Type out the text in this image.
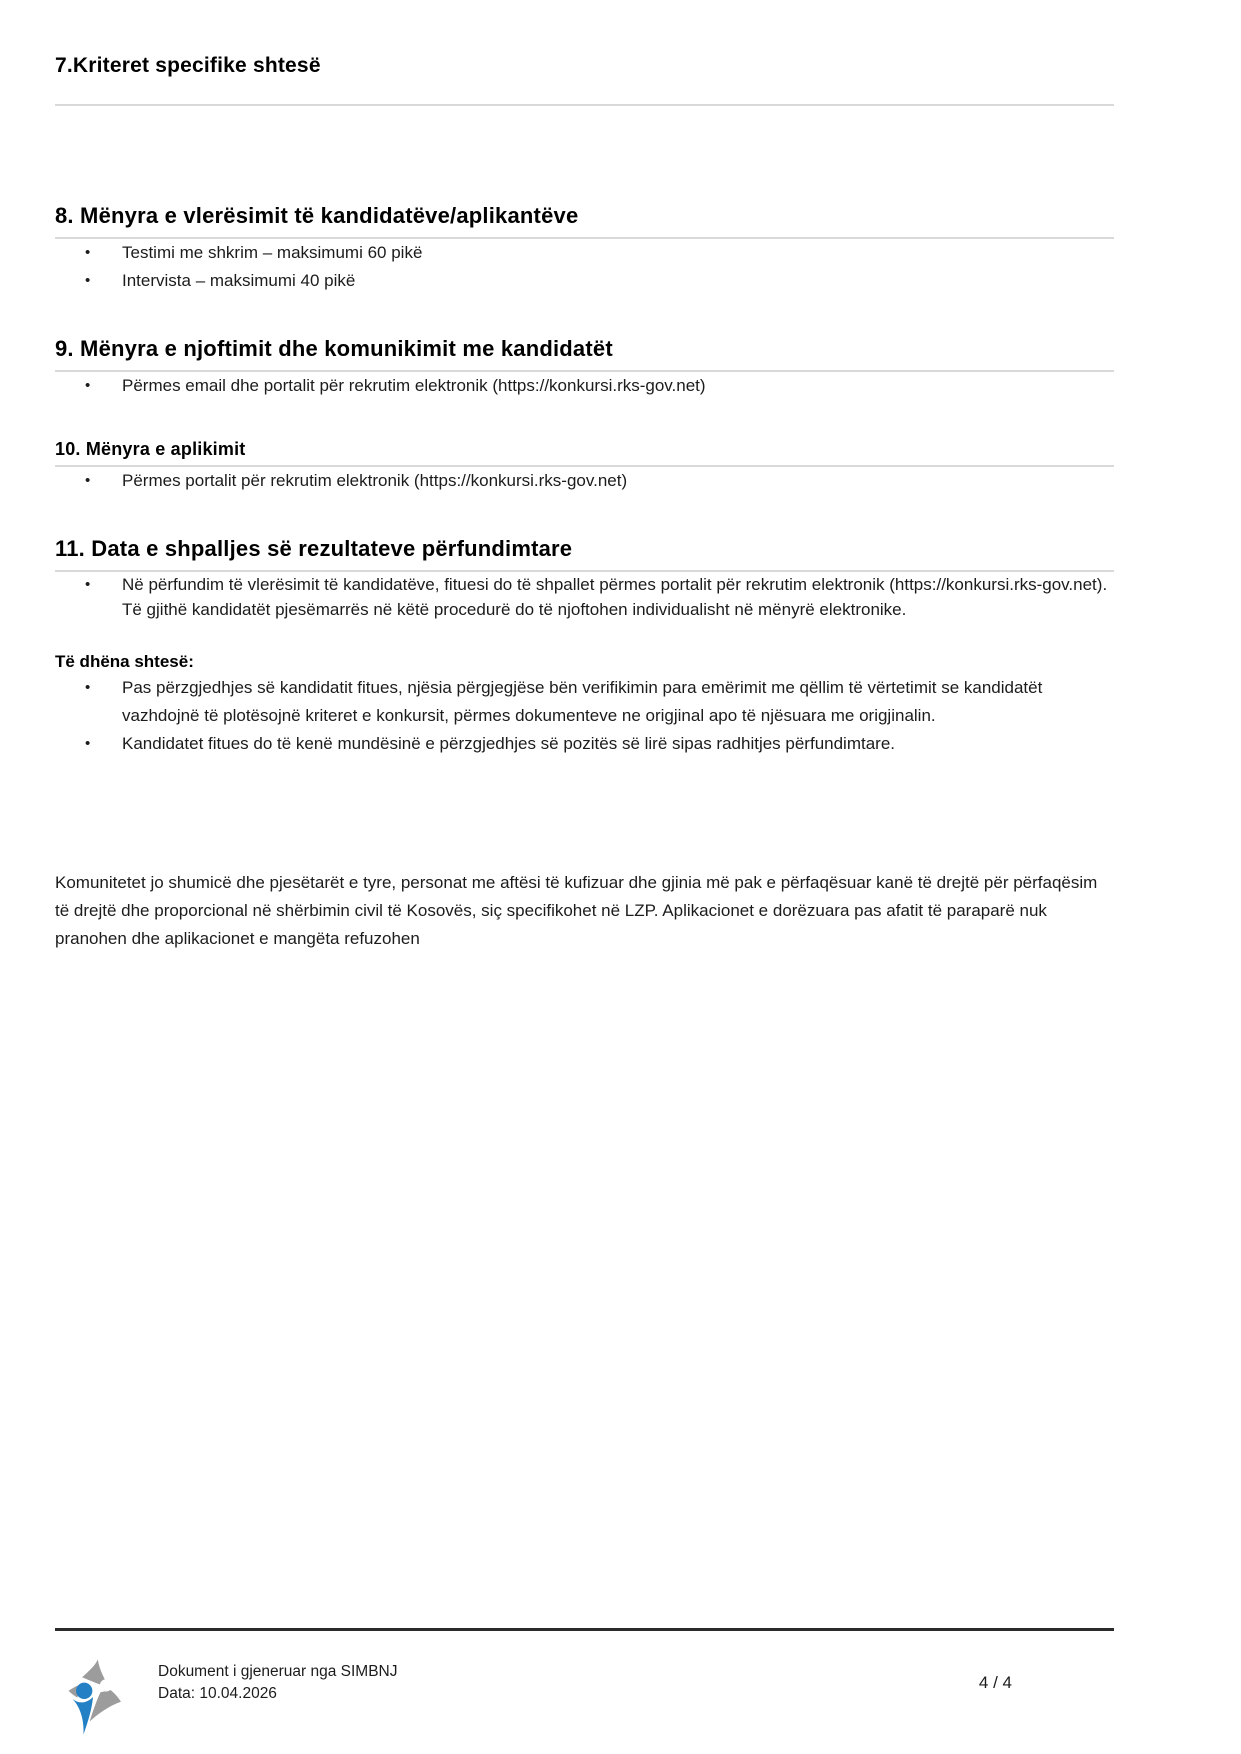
7.Kriteret specifike shtesë
8. Mënyra e vlerësimit të kandidatëve/aplikantëve
• Testimi me shkrim – maksimumi 60 pikë
• Intervista – maksimumi 40 pikë
9. Mënyra e njoftimit dhe komunikimit me kandidatët
• Përmes email dhe portalit për rekrutim elektronik (https://konkursi.rks-gov.net)
10. Mënyra e aplikimit
• Përmes portalit për rekrutim elektronik (https://konkursi.rks-gov.net)
11. Data e shpalljes së rezultateve përfundimtare
• Në përfundim të vlerësimit të kandidatëve, fituesi do të shpallet përmes portalit për rekrutim elektronik (https://konkursi.rks-gov.net). Të gjithë kandidatët pjesëmarrës në këtë procedurë do të njoftohen individualisht në mënyrë elektronike.

Të dhëna shtesë:

• Pas përzgjedhjes së kandidatit fitues, njësia përgjegjëse bën verifikimin para emërimit me qëllim të vërtetimit se kandidatët vazhdojnë të plotësojnë kriteret e konkursit, përmes dokumenteve ne origjinal apo të njësuara me origjinalin.
• Kandidatet fitues do të kenë mundësinë e përzgjedhjes së pozitës së lirë sipas radhitjes përfundimtare.

Komunitetet jo shumicë dhe pjesëtarët e tyre, personat me aftësi të kufizuar dhe gjinia më pak e përfaqësuar kanë të drejtë për përfaqësim të drejtë dhe proporcional në shërbimin civil të Kosovës, siç specifikohet në LZP. Aplikacionet e dorëzuara pas afatit të paraparë nuk pranohen dhe aplikacionet e mangëta refuzohen

Dokument i gjeneruar nga SIMBNJ
Data: 10.04.2026
4 / 4
